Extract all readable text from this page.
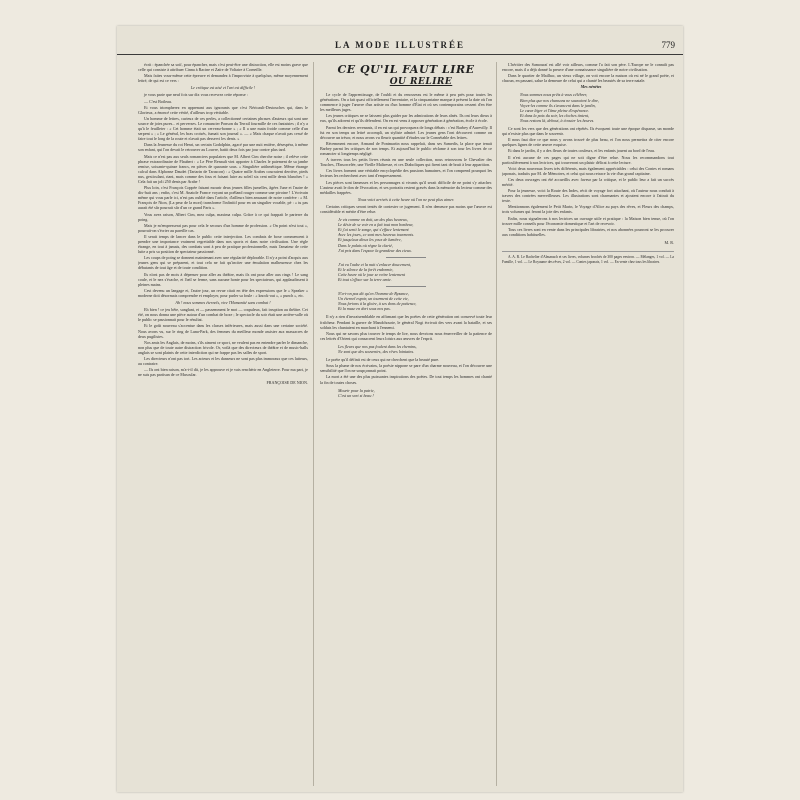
LA MODE ILLUSTRÉE	779

écrit : épanchée sa soif, pour épancher, mais c'est peut-être une distraction, elle est moins grave que celle qui consiste à attribuer Cinna à Racine et Zaïre de Voltaire à Corneille.

Mais faites vous-même cette épreuve et demandez à l'improviste à quelqu'un, même moyennement lettré, de qui est ce vers :

Le critique est aisé et l'art est difficile !

je vous parie que neuf fois sur dix vous recevrez cette réponse :

— C'est Boileau.

Et vous triompherez en apprenant aux ignorants que c'est Néricault-Destouches qui, dans le Glorieux, a énoncé cette vérité, d'ailleurs trop véritable.

Un homme de lettres, curieux de ces perles, a collectionné certaines phrases d'auteurs qui sont une source de joies pures... et perverses. Le romancier Ponson du Terrail fourmille de ces fantaisies ; il n'y a qu'à le feuilleter : « Cet homme était un cerveau-bonne » ; « Il a une main froide comme celle d'un serpent » ; « Le général, les bras croisés, fumait son journal ». — « Mais chaque n'avait pas cessé de faire tout le long de la route et n'avait pas desservi les dents. »

Dans la Jeunesse du roi Henri, un certain Godolphin, agacé par une nuit entière, désespéra, à même son enfant, qui l'on devait le retrouver au Louvre, battit deux fois par jour contre plus tard.

Mais ce n'est pas aux seuls romanciers populaires que M. Albert Cim cherche noise ; il relève cette phrase extraordinaire de Flaubert : « Le Père Renault vint apporter à Charles le paiement de sa jambe remise, soixante-quinze francs, en pièces de quarante sous. » Singulière arithmétique. Même étrange calcul dans Alphonse Daudet (Tartarin de Tarascon) : « Quatre mille Arabes courraient derrière, pieds nus, gesticulant, riant, mais comme des fous et faisant luire au soleil six cent mille dents blanches ! » Cela fait un joli 250 dents par Arabe !

Plus loin, c'est François Coppée faisant mourir deux jeunes filles jumelles, âgées l'une et l'autre de dix-huit ans ; enfin, c'est M. Anatole France voyant un poêland rouger comme une pivoine ! L'écrivain même qui vous parle ici, n'est pas oublié dans l'article, d'ailleurs bien amusant de notre confrère : « M. François de Nion, (La peur de la mort) transforme l'infinitif pour en un singulier vocable, pè : « tu pas aurait été sûr pourrait sûr d'un ce grand Paris ».

Vous avez raison, Albert Cim, mea culpa, maxima culpa. Grâce à ce qui frappait le parterre du poing.

Mais je m'empresserai pas pour cela le secours d'un homme de profession. « On point n'est tout », pourrait-on s'écrier au pareille cas.

Il serait temps de lancer dans le public cette interjection. Les combats de boxe commencent à prendre une importance vraiment regrettable dans nos sports et dans notre civilisation. Une règle étrange, en tout à jamais, des combats sont à peu de pratique professionnelle, mais l'amateur de cette lutte a pris sa position de spectateur passionné.

Les coups de poing se donnent maintenant avec une régularité déplorable. Il n'y a point d'acquis aux jeunes gens qui se préparent, et tout cela ne fait qu'inciter une émulation malheureuse chez les débutants de tout âge et de toute condition.

Ils n'ont pas de mois à dépenser pour aller au théâtre, mais ils ont pour aller aux rings ! Le sang coule, et le nez s'écache, et l'œil se ferme, sans aucune honte pour les spectateurs, qui applaudissent à pleines mains.

Cest devenu un langage et, l'autre jour, un revue citait en tête des expressions que le « Speaker » moderne doit désormais comprendre et employer, pour parler sa foule : « knock-out », « punch », etc.

Ah ! nous sommes éternels, vive l'Humanité sans combat !

Eh bien ! ce jeu bête, sanglant, et — passemment le mot — crapuleux, fait irruption au théâtre. Cet été, on nous donna une pièce autour d'un combat de boxe ; le spectacle du soir était une arrière-salle où le public se passionnait pour le résultat.

Et le goût nouveau s'accentue dans les classes inférieures, mais aussi dans une certaine société. Nous avons vu, sur le ring de Luna-Park, des femmes du meilleur monde assister aux massacres de deux pugilistes.

Nos amis les Anglais, de moins, s'ils aiment ce sport, ne veulent pas en entendre parler le dimanche, non plus que de toute autre distraction frivole. Or, voilà que des directeurs de théâtre et de music-halls anglais se sont plaints de cette interdiction qui ne frappe pas les salles de sport.

Les directeurs n'ont pas tort. Les acteurs et les danseurs ne sont pas plus immoraux que ces lutteurs, au contraire.

— Ils ont bien raison, m'a-t-il dit, je les approuve et je vais renchérir en Angleterre. Pour ma part, je ne suis pas partisan de ce Muscular.

FRANÇOISE DE NION.

CE QU'IL FAUT LIRE
OU RELIRE

Le cycle de l'apprentissage, de l'oubli et du renouveau est le même à peu près pour toutes les générations. On a fait quasi officiellement l'inventaire, et la cinquantaine marque à présent la date où l'on commence à juger l'œuvre d'un artiste ou d'un homme d'État et où ses contemporains cessent d'en être les meilleurs juges.

Les jeunes critiques ne se laissent plus guider par les admirations de leurs aînés. Ils ont leurs dieux à eux, qu'ils adorent et qu'ils défendent. On en est venu à opposer génération à génération, école à école.

Parmi les derniers revenants, il en est un qui provoquera de longs débats : c'est Barbey d'Aurevilly. Il fut en son temps un lettré accompli, un styliste admiré. Les jeunes gens l'ont découvert comme on découvre un trésor, et nous avons vu fleurir quantité d'études sur le Connétable des lettres.

Récemment encore, Armand de Pontmartin nous rappelait, dans ses Samedis, la place que tenait Barbey parmi les critiques de son temps. Et aujourd'hui le public réclame à son tour les livres de ce romancier si longtemps négligé.

A travers tous les petits livres réunis en une seule collection, nous retrouvons le Chevalier des Touches, l'Ensorcelée, une Vieille Maîtresse, et ces Diaboliques qui firent tant de bruit à leur apparition.

Ces livres forment une véritable encyclopédie des passions humaines, et l'on comprend pourquoi les lecteurs les recherchent avec tant d'empressement.

Les pièces sont fameuses et les personnages si vivants qu'il serait difficile de ne point s'y attacher. L'auteur avait le don de l'évocation, et ses portraits restent gravés dans la mémoire du lecteur comme des médailles frappées.

Nous voici arrivés à cette heure où l'on ne peut plus aimer.

Certains critiques seront tentés de contester ce jugement. Il n'en demeure pas moins que l'œuvre est considérable et mérite d'être relue.

Je vis comme on doit, un des plus heureux,
Le désir de se voir en a fait tout mon bonheur,
Et j'ai senti le songe, qui s'efface lentement
Avec les jours, ce sont mes heureux tourments.
Et jusqu'aux dieux les yeux de lumière,
Dans le palais où règne la clarté,
J'ai pris dans l'espace la grandeur des cieux.
J'ai vu l'aube et la nuit s'enlacer doucement,
Et le silence de la forêt endormie,
Cette heure où le jour se retire lentement
Et tout s'efface sur la terre amie.
N'a-t-on pas dit qu'en l'homme de Byzance,
Un éternel espoir, un tourment de cette vie,
Nous ferions à la gloire, à ses dons de patience,
Et la muse en dort sous nos pas.

Il n'y a rien d'invraisemblable en affirmant que les poètes de cette génération ont conservé toute leur fraîcheur. Pendant la guerre de Mandchourie, le général Nogi écrivait des vers avant la bataille, et ses soldats les chantaient en marchant à l'ennemi.

Nous qui ne savons plus trouver le temps de lire, nous devrions nous émerveiller de la patience de ces lettrés d'Orient qui consacrent leurs loisirs aux œuvres de l'esprit.

Les fleurs que nos pas foulent dans les chemins,
Ne sont que des souvenirs, des rêves lointains.

Le poète qu'il définit est de ceux qui ne cherchent que la beauté pure.

Sous la plume de nos écrivains, la poésie nippone se pare d'un charme nouveau, et l'on découvre une sensibilité que l'on ne soupçonnait point.

La mort a été une des plus puissantes inspirations des poètes. De tout temps les hommes ont chanté la fin de toutes choses.

Mourir pour la patrie,
C'est un sort si beau !

L'héritier des Samouraï est allé voir ailleurs, comme l'a fait son père. L'Europe ne le connaît pas encore, mais il a déjà donné la preuve d'une connaissance singulière de notre civilisation.

Dans le quartier de Mailhac, un vieux village, on voit encore la maison où est né le grand poète, et chacun, en passant, salue la demeure de celui qui a chanté les beautés de sa terre natale.

Mes nénètes

Nous sommes nous prêts à vous célébrer,
Bien plus que nos chansons ne sauraient le dire,
Voyez-les comme ils s'avancent dans le jardin,
Le cœur léger et l'âme pleine d'espérance.
Et dans la paix du soir, les cloches tintent,
Nous restons là, debout, à écouter les heures.

Ce sont les vers que des générations ont répétés. Ils évoquent toute une époque disparue, un monde qui n'existe plus que dans le souvenir.

Il nous faut dire ce que nous y avons trouvé de plus beau, et l'on nous permettra de citer encore quelques lignes de cette œuvre exquise.

Et dans le jardin, il y a des fleurs de toutes couleurs, et les enfants jouent au bord de l'eau.

Il n'est aucune de ces pages qui ne soit digne d'être relue. Nous les recommandons tout particulièrement à nos lectrices, qui trouveront un plaisir délicat à cette lecture.

Voici deux nouveaux livres très différents, mais également appréciables : celui des Contes et romans japonais, traduits par M. de Mémoires, et celui qui nous retrace la vie d'un grand capitaine.

Ces deux ouvrages ont été accueillis avec faveur par la critique, et le public leur a fait un succès mérité.

Pour la jeunesse, voici la Route des Indes, récit de voyage fort attachant, où l'auteur nous conduit à travers des contrées merveilleuses. Les illustrations sont charmantes et ajoutent encore à l'attrait du texte.

Mentionnons également le Petit Marin, le Voyage d'Alice au pays des rêves, et Fleurs des champs, trois volumes qui feront la joie des enfants.

Enfin, nous signalerons à nos lectrices un ouvrage utile et pratique : la Maison bien tenue, où l'on trouve mille conseils pour l'économie domestique et l'art de recevoir.

Tous ces livres sont en vente dans les principales librairies, et nos abonnées pourront se les procurer aux conditions habituelles.

M. R.

A. A. R. Le Bachelier d'Almanach et ses livres, volumes brochés de 300 pages environ. — Mélanges, 1 vol. — La Famille, 1 vol. — Le Royaume des rêves, 2 vol. — Contes japonais, 1 vol. — En vente chez tous les libraires.
